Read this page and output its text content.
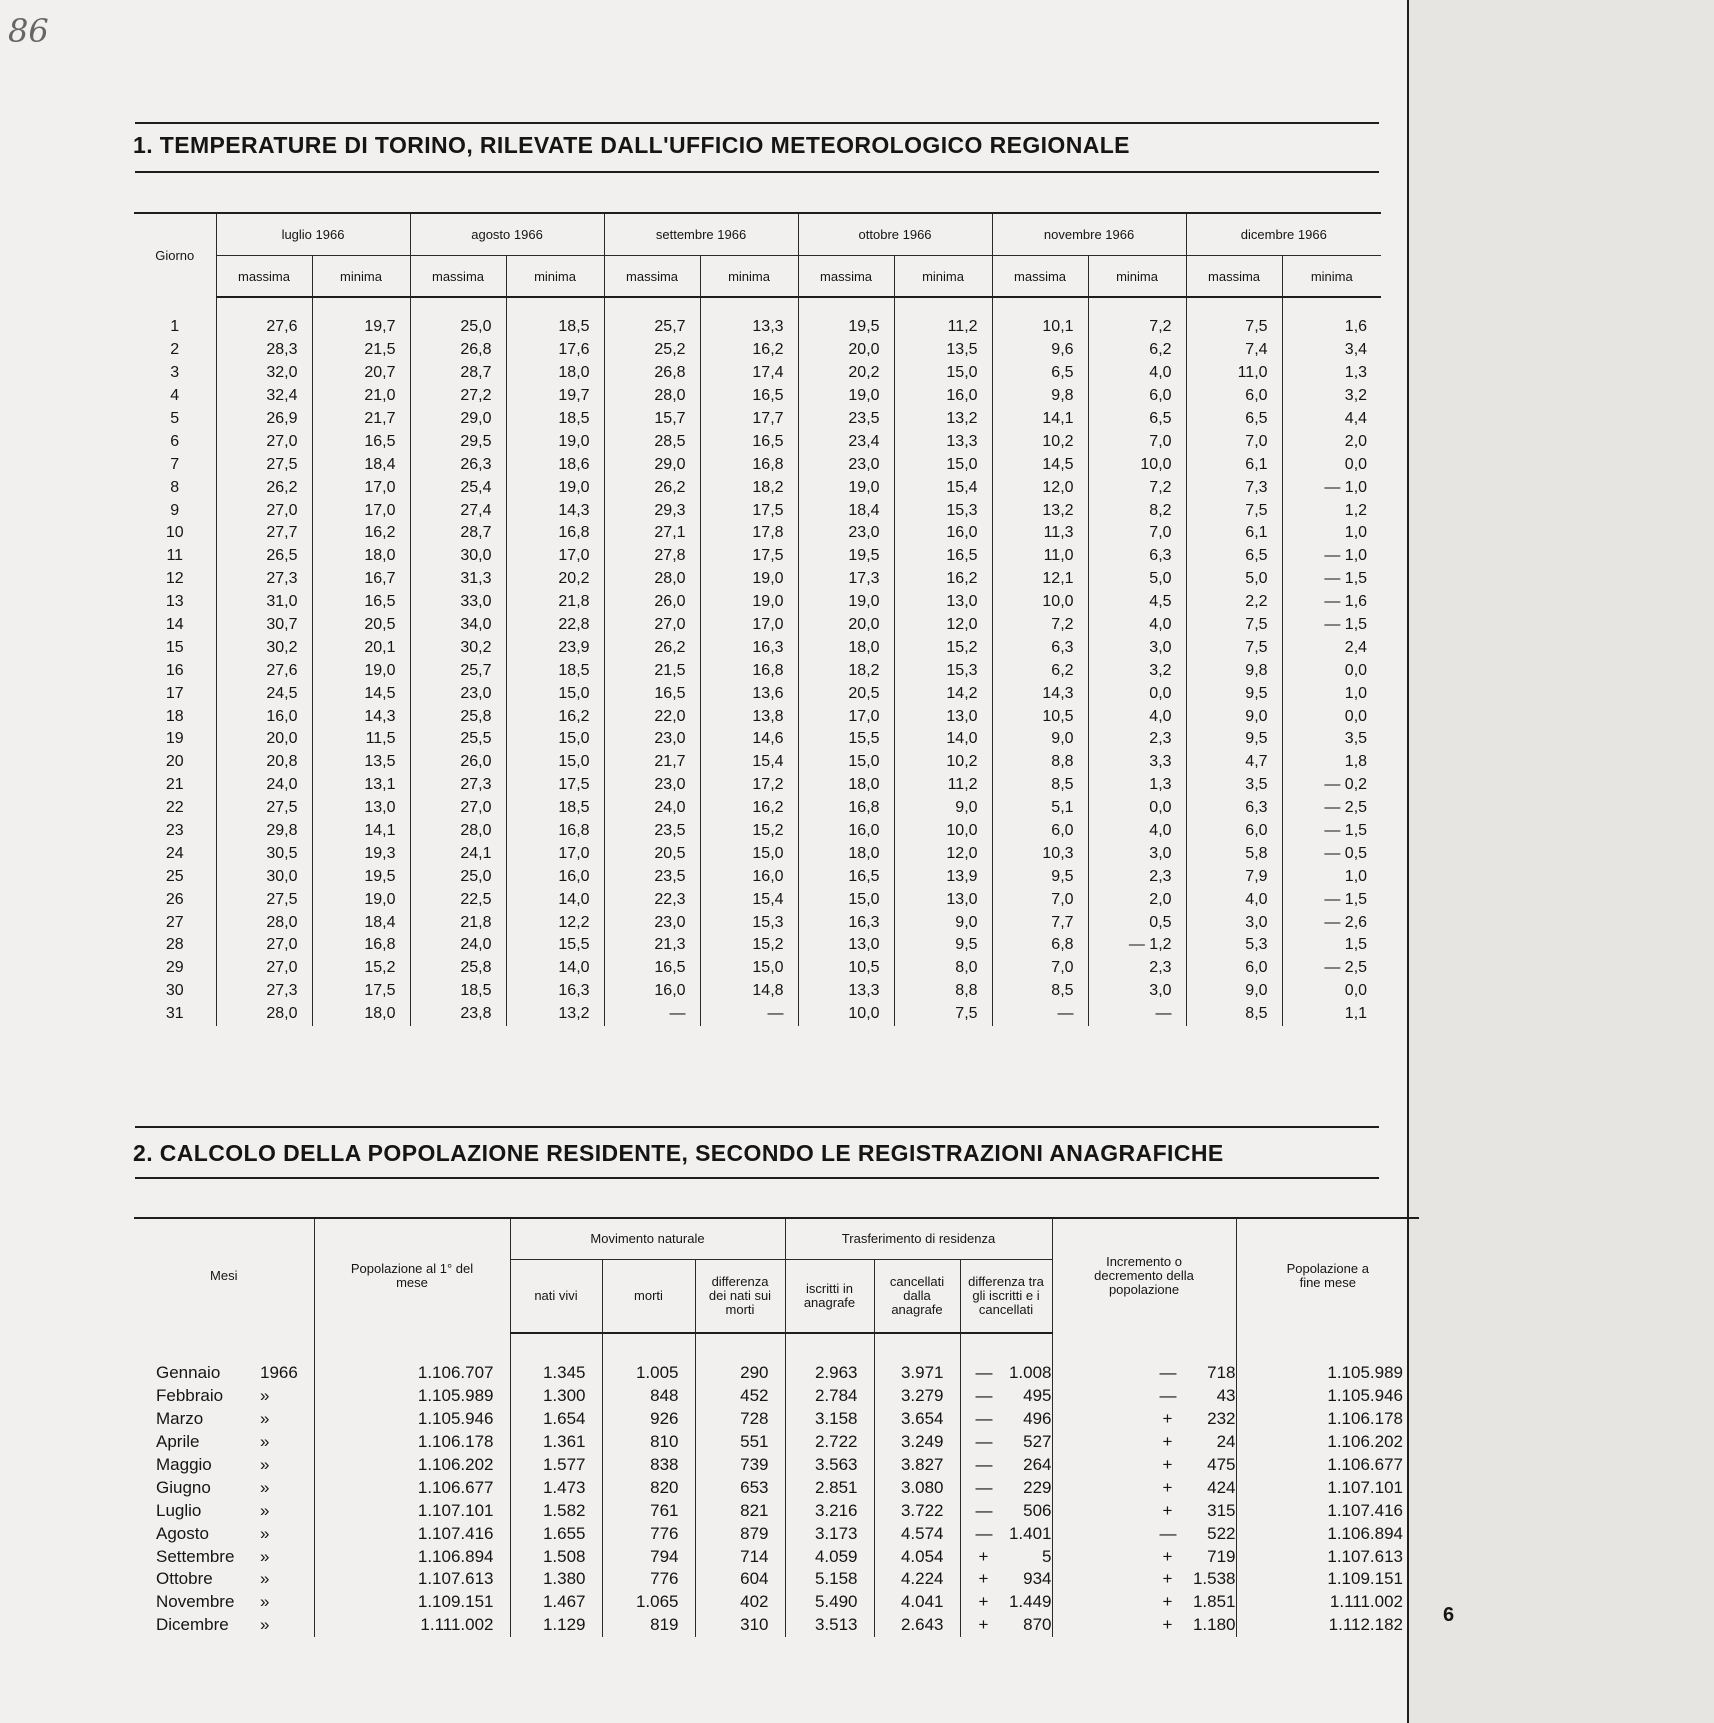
86
1. TEMPERATURE DI TORINO, RILEVATE DALL'UFFICIO METEOROLOGICO REGIONALE
Giorno	luglio 1966		agosto 1966		settembre 1966		ottobre 1966		novembre 1966		dicembre 1966	
	massima	minima	massima	minima	massima	minima	massima	minima	massima	minima	massima	minima

1	27,6	19,7	25,0	18,5	25,7	13,3	19,5	11,2	10,1	7,2	7,5	1,6
2	28,3	21,5	26,8	17,6	25,2	16,2	20,0	13,5	9,6	6,2	7,4	3,4
3	32,0	20,7	28,7	18,0	26,8	17,4	20,2	15,0	6,5	4,0	11,0	1,3
4	32,4	21,0	27,2	19,7	28,0	16,5	19,0	16,0	9,8	6,0	6,0	3,2
5	26,9	21,7	29,0	18,5	15,7	17,7	23,5	13,2	14,1	6,5	6,5	4,4
6	27,0	16,5	29,5	19,0	28,5	16,5	23,4	13,3	10,2	7,0	7,0	2,0
7	27,5	18,4	26,3	18,6	29,0	16,8	23,0	15,0	14,5	10,0	6,1	0,0
8	26,2	17,0	25,4	19,0	26,2	18,2	19,0	15,4	12,0	7,2	7,3	— 1,0
9	27,0	17,0	27,4	14,3	29,3	17,5	18,4	15,3	13,2	8,2	7,5	1,2
10	27,7	16,2	28,7	16,8	27,1	17,8	23,0	16,0	11,3	7,0	6,1	1,0
11	26,5	18,0	30,0	17,0	27,8	17,5	19,5	16,5	11,0	6,3	6,5	— 1,0
12	27,3	16,7	31,3	20,2	28,0	19,0	17,3	16,2	12,1	5,0	5,0	— 1,5
13	31,0	16,5	33,0	21,8	26,0	19,0	19,0	13,0	10,0	4,5	2,2	— 1,6
14	30,7	20,5	34,0	22,8	27,0	17,0	20,0	12,0	7,2	4,0	7,5	— 1,5
15	30,2	20,1	30,2	23,9	26,2	16,3	18,0	15,2	6,3	3,0	7,5	2,4
16	27,6	19,0	25,7	18,5	21,5	16,8	18,2	15,3	6,2	3,2	9,8	0,0
17	24,5	14,5	23,0	15,0	16,5	13,6	20,5	14,2	14,3	0,0	9,5	1,0
18	16,0	14,3	25,8	16,2	22,0	13,8	17,0	13,0	10,5	4,0	9,0	0,0
19	20,0	11,5	25,5	15,0	23,0	14,6	15,5	14,0	9,0	2,3	9,5	3,5
20	20,8	13,5	26,0	15,0	21,7	15,4	15,0	10,2	8,8	3,3	4,7	1,8
21	24,0	13,1	27,3	17,5	23,0	17,2	18,0	11,2	8,5	1,3	3,5	— 0,2
22	27,5	13,0	27,0	18,5	24,0	16,2	16,8	9,0	5,1	0,0	6,3	— 2,5
23	29,8	14,1	28,0	16,8	23,5	15,2	16,0	10,0	6,0	4,0	6,0	— 1,5
24	30,5	19,3	24,1	17,0	20,5	15,0	18,0	12,0	10,3	3,0	5,8	— 0,5
25	30,0	19,5	25,0	16,0	23,5	16,0	16,5	13,9	9,5	2,3	7,9	1,0
26	27,5	19,0	22,5	14,0	22,3	15,4	15,0	13,0	7,0	2,0	4,0	— 1,5
27	28,0	18,4	21,8	12,2	23,0	15,3	16,3	9,0	7,7	0,5	3,0	— 2,6
28	27,0	16,8	24,0	15,5	21,3	15,2	13,0	9,5	6,8	— 1,2	5,3	1,5
29	27,0	15,2	25,8	14,0	16,5	15,0	10,5	8,0	7,0	2,3	6,0	— 2,5
30	27,3	17,5	18,5	16,3	16,0	14,8	13,3	8,8	8,5	3,0	9,0	0,0
31	28,0	18,0	23,8	13,2	—	—	10,0	7,5	—	—	8,5	1,1
2. CALCOLO DELLA POPOLAZIONE RESIDENTE, SECONDO LE REGISTRAZIONI ANAGRAFICHE
Mesi	Popolazione al 1° del mese	Movimento naturale			Trasferimento di residenza			Incremento o decremento della popolazione	Popolazione a fine mese

		nati vivi	morti	differenza dei nati sui morti	iscritti in anagrafe	cancellati dalla anagrafe	differenza tra gli iscritti e i cancellati		

Gennaio 1966	1.106.707	1.345	1.005	290	2.963	3.971	— 1.008	— 718	1.105.989
Febbraio »	1.105.989	1.300	848	452	2.784	3.279	— 495	— 43	1.105.946
Marzo »	1.105.946	1.654	926	728	3.158	3.654	— 496	+ 232	1.106.178
Aprile »	1.106.178	1.361	810	551	2.722	3.249	— 527	+ 24	1.106.202
Maggio »	1.106.202	1.577	838	739	3.563	3.827	— 264	+ 475	1.106.677
Giugno »	1.106.677	1.473	820	653	2.851	3.080	— 229	+ 424	1.107.101
Luglio »	1.107.101	1.582	761	821	3.216	3.722	— 506	+ 315	1.107.416
Agosto »	1.107.416	1.655	776	879	3.173	4.574	— 1.401	— 522	1.106.894
Settembre »	1.106.894	1.508	794	714	4.059	4.054	+ 5	+ 719	1.107.613
Ottobre »	1.107.613	1.380	776	604	5.158	4.224	+ 934	+ 1.538	1.109.151
Novembre »	1.109.151	1.467	1.065	402	5.490	4.041	+ 1.449	+ 1.851	1.111.002
Dicembre »	1.111.002	1.129	819	310	3.513	2.643	+ 870	+ 1.180	1.112.182 6
